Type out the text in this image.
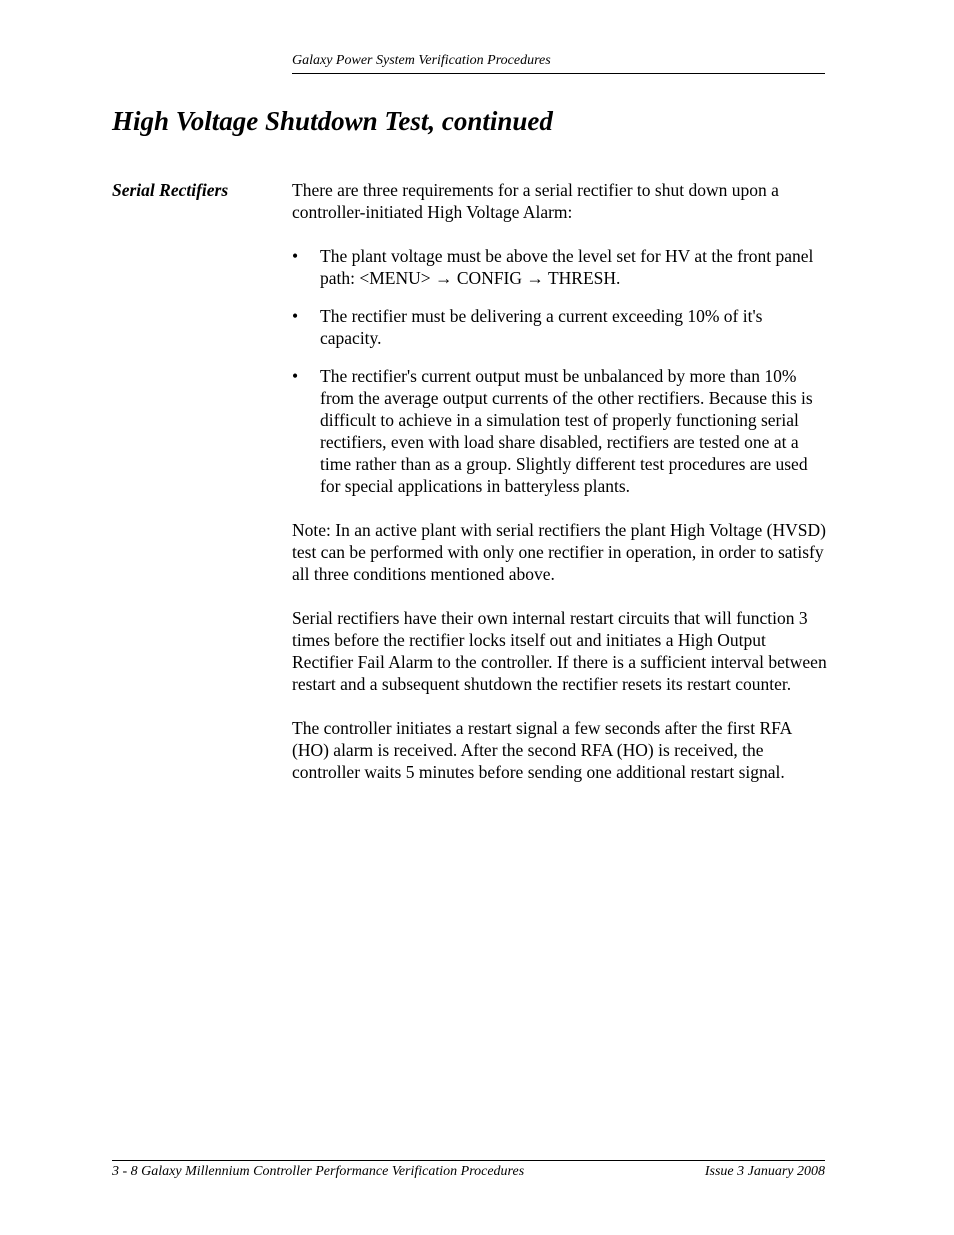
Galaxy Power System Verification Procedures
High Voltage Shutdown Test, continued
Serial Rectifiers	There are three requirements for a serial rectifier to shut down upon a controller-initiated High Voltage Alarm:

• The plant voltage must be above the level set for HV at the front panel path: <MENU> → CONFIG → THRESH.
• The rectifier must be delivering a current exceeding 10% of it's capacity.
• The rectifier's current output must be unbalanced by more than 10% from the average output currents of the other rectifiers. Because this is difficult to achieve in a simulation test of properly functioning serial rectifiers, even with load share disabled, rectifiers are tested one at a time rather than as a group. Slightly different test procedures are used for special applications in batteryless plants.

Note: In an active plant with serial rectifiers the plant High Voltage (HVSD) test can be performed with only one rectifier in operation, in order to satisfy all three conditions mentioned above.

Serial rectifiers have their own internal restart circuits that will function 3 times before the rectifier locks itself out and initiates a High Output Rectifier Fail Alarm to the controller. If there is a sufficient interval between restart and a subsequent shutdown the rectifier resets its restart counter.

The controller initiates a restart signal a few seconds after the first RFA (HO) alarm is received. After the second RFA (HO) is received, the controller waits 5 minutes before sending one additional restart signal.

3 - 8 Galaxy Millennium Controller Performance Verification Procedures	Issue 3 January 2008
